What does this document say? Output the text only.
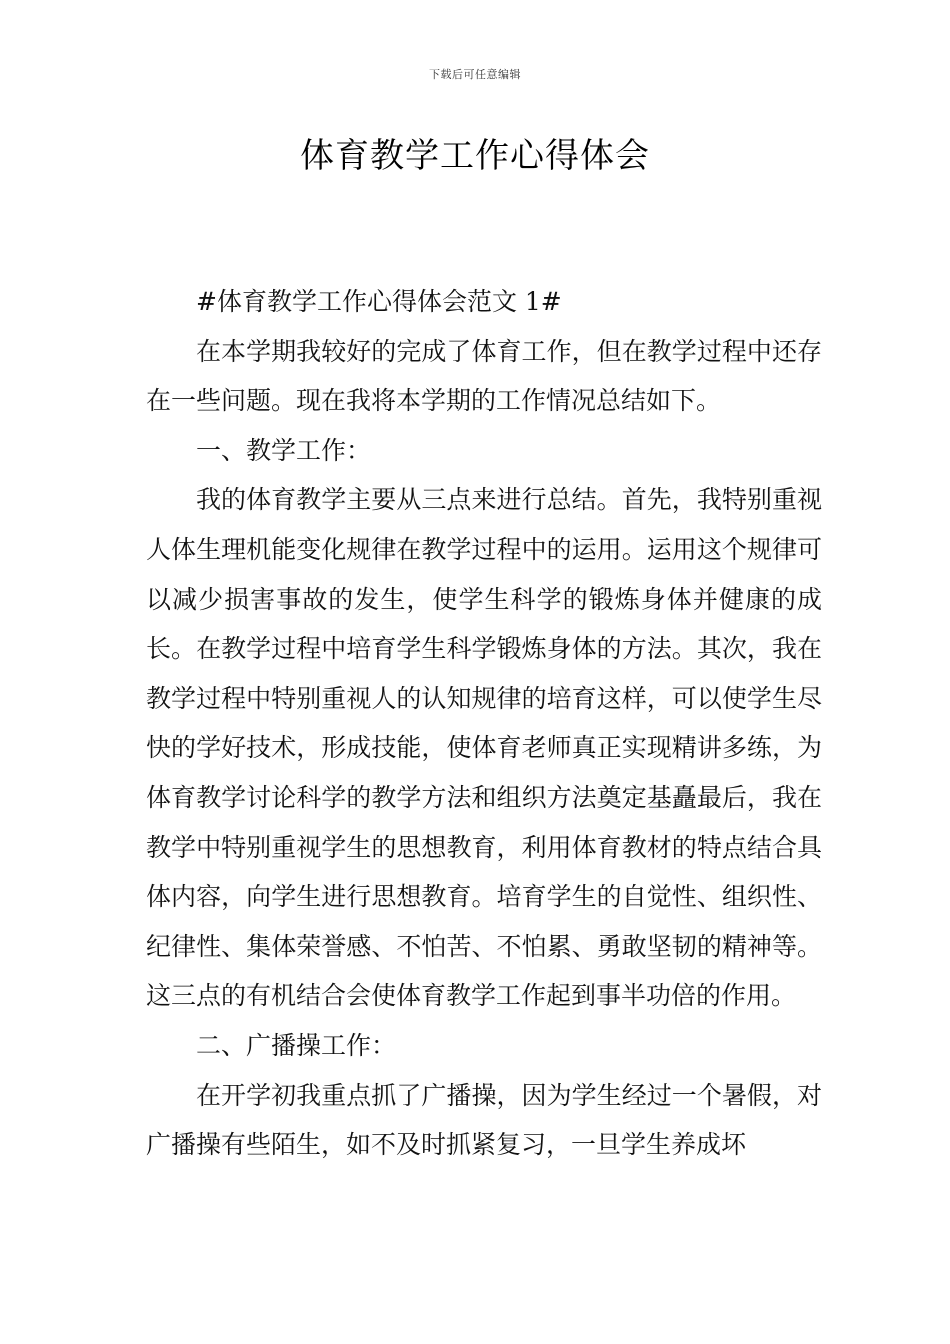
下载后可任意编辑
体育教学工作心得体会

#体育教学工作心得体会范文 1#

在本学期我较好的完成了体育工作，但在教学过程中还存在一些问题。现在我将本学期的工作情况总结如下。

一、教学工作：

我的体育教学主要从三点来进行总结。首先，我特别重视人体生理机能变化规律在教学过程中的运用。运用这个规律可以减少损害事故的发生，使学生科学的锻炼身体并健康的成长。在教学过程中培育学生科学锻炼身体的方法。其次，我在教学过程中特别重视人的认知规律的培育这样，可以使学生尽快的学好技术，形成技能，使体育老师真正实现精讲多练，为体育教学讨论科学的教学方法和组织方法奠定基矗最后，我在教学中特别重视学生的思想教育，利用体育教材的特点结合具体内容，向学生进行思想教育。培育学生的自觉性、组织性、纪律性、集体荣誉感、不怕苦、不怕累、勇敢坚韧的精神等。这三点的有机结合会使体育教学工作起到事半功倍的作用。

二、广播操工作：

在开学初我重点抓了广播操，因为学生经过一个暑假，对广播操有些陌生，如不及时抓紧复习，一旦学生养成坏
